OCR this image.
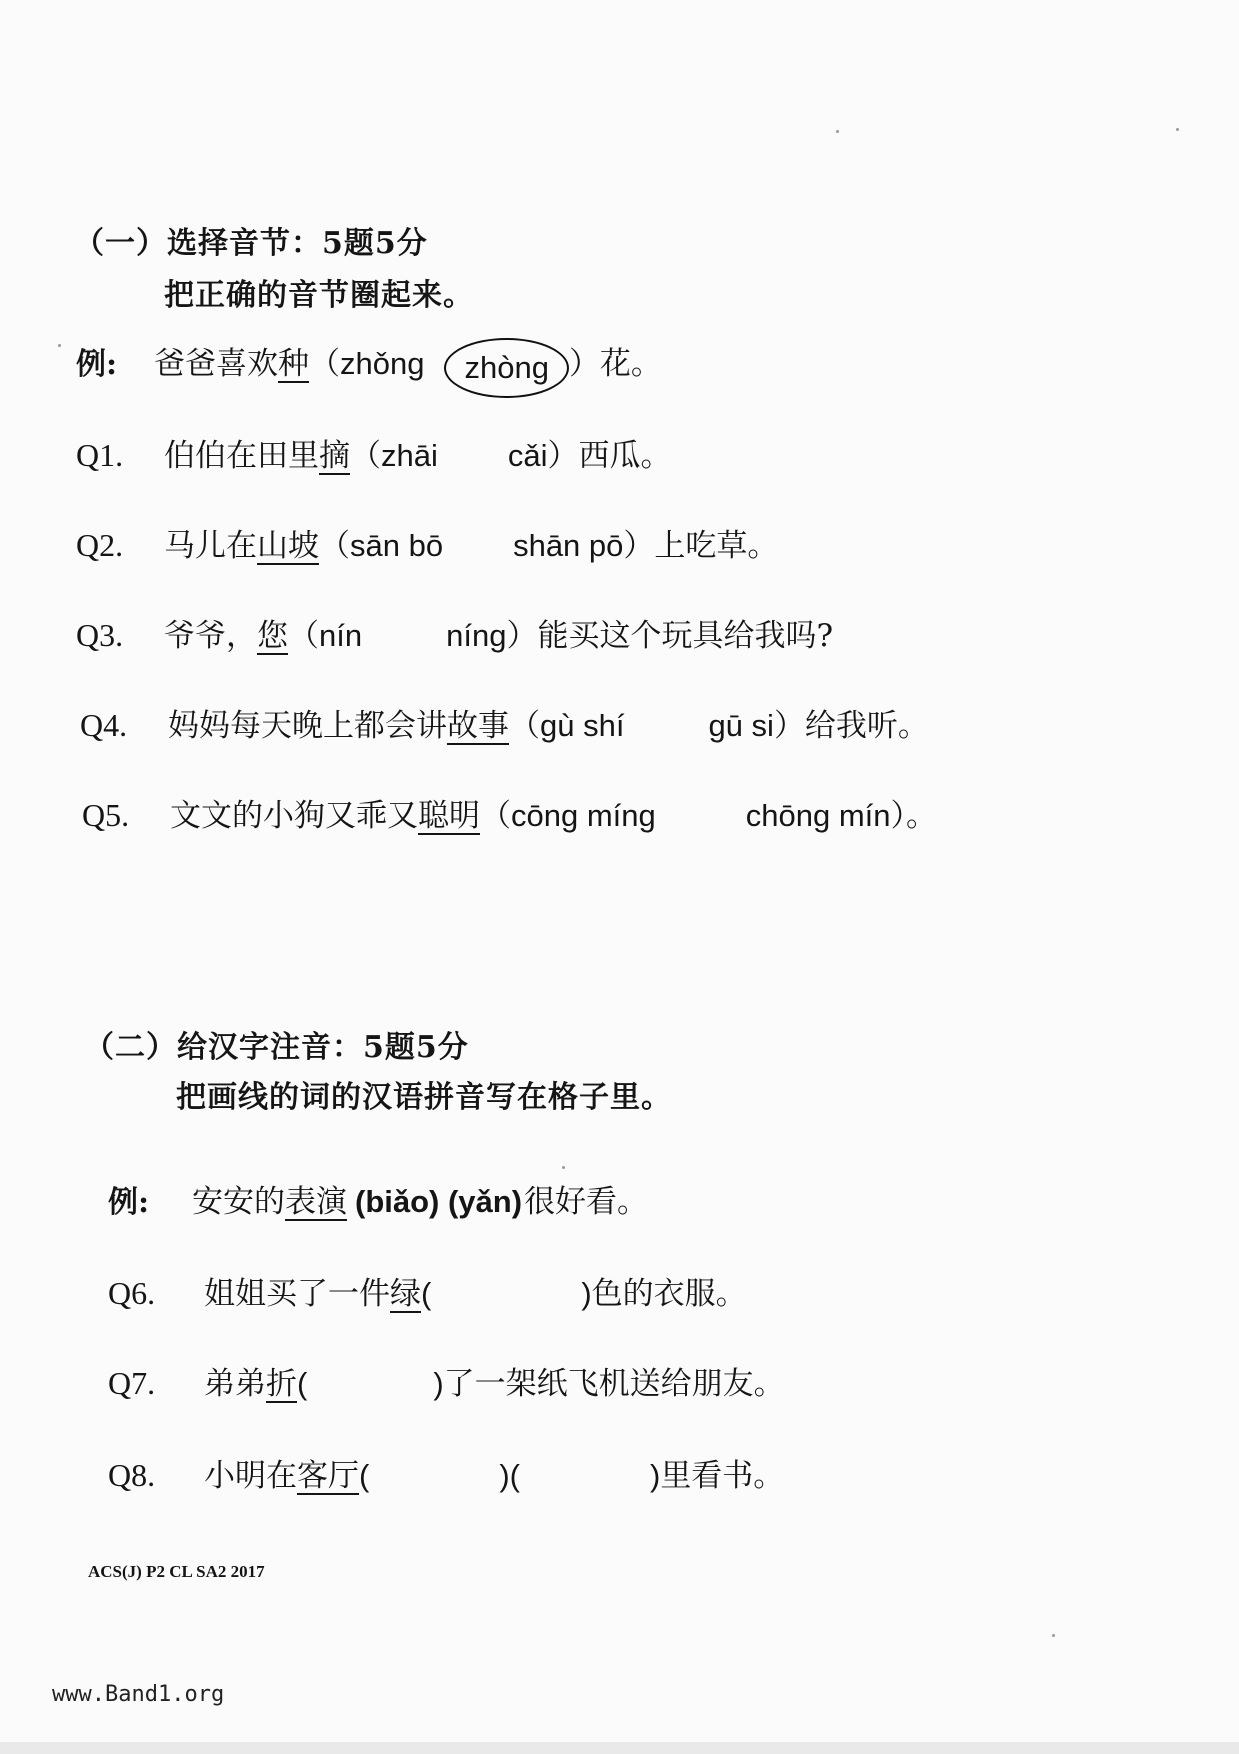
（一）选择音节：5题5分
把正确的音节圈起来。
例:	爸爸喜欢 种 （ zhǒng	zhòng ）花。
Q1.	伯伯在田里 摘 （ zhāi cǎi ）西瓜。
Q2.	马儿在 山坡 （ sān bō shān pō ）上吃草。
Q3.	爷爷， 您 （ nín	níng ）能买这个玩具给我吗?
Q4.	妈妈每天晚上都会讲 故事 （ gù shí	gū si ）给我听。
Q5.	文文的小狗又乖又 聪明 （ cōng míng	chōng mín ）。
（二）给汉字注音：5题5分
把画线的词的汉语拼音写在格子里。
例:	安安的 表演 (biǎo) (yǎn) 很好看。
Q6.	姐姐买了一件 绿 (	) 色的衣服。
Q7.	弟弟 折 (	) 了一架纸飞机送给朋友。
Q8.	小明在 客厅 (	)(	) 里看书。
ACS(J) P2 CL SA2 2017
www.Band1.org
